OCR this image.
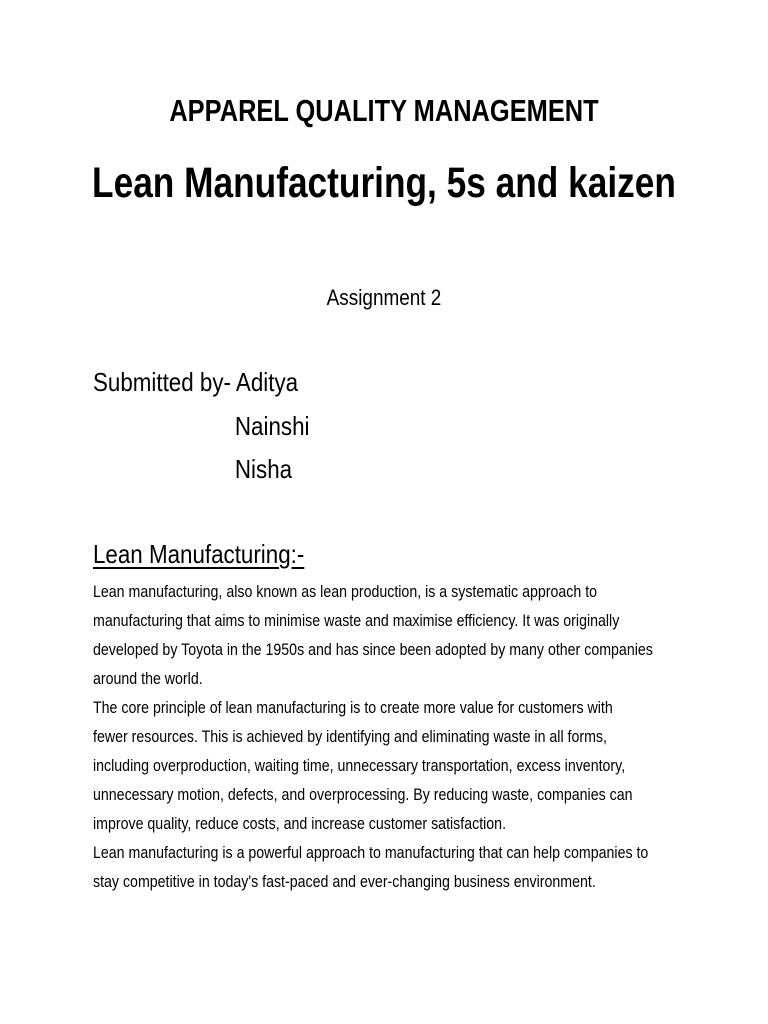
APPAREL QUALITY MANAGEMENT
Lean Manufacturing, 5s and kaizen
Assignment 2
Submitted by- Aditya
Nainshi
Nisha
Lean Manufacturing:-
Lean manufacturing, also known as lean production, is a systematic approach to
manufacturing that aims to minimise waste and maximise efficiency. It was originally
developed by Toyota in the 1950s and has since been adopted by many other companies
around the world.
The core principle of lean manufacturing is to create more value for customers with
fewer resources. This is achieved by identifying and eliminating waste in all forms,
including overproduction, waiting time, unnecessary transportation, excess inventory,
unnecessary motion, defects, and overprocessing. By reducing waste, companies can
improve quality, reduce costs, and increase customer satisfaction.
Lean manufacturing is a powerful approach to manufacturing that can help companies to
stay competitive in today's fast-paced and ever-changing business environment.
